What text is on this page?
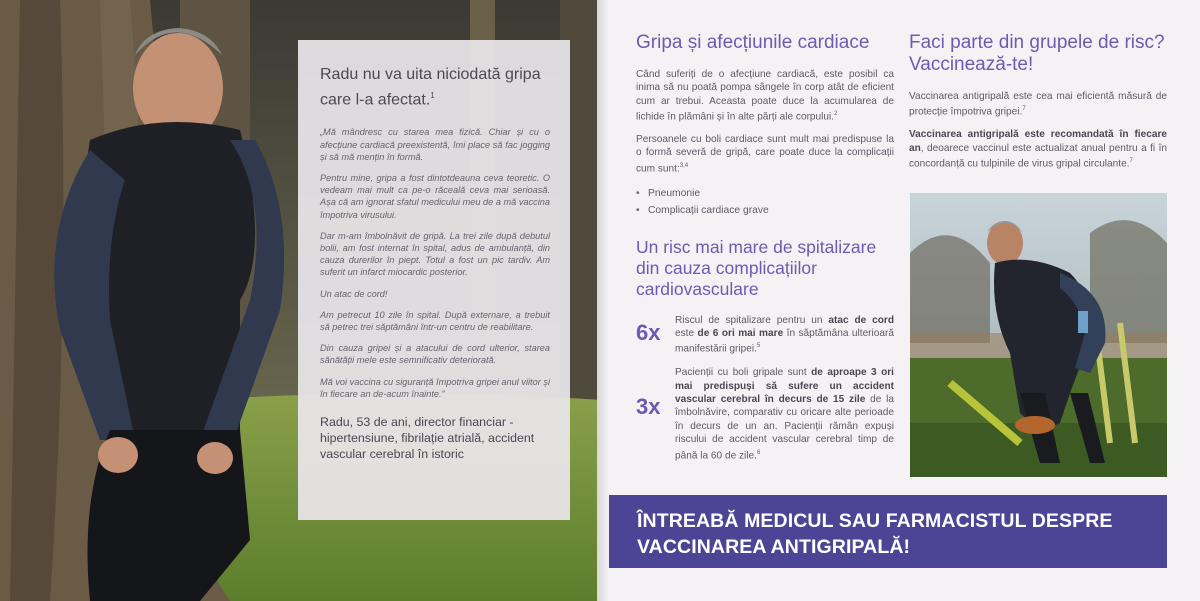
Radu nu va uita niciodată gripa care l-a afectat.$^1$

„Mă mândresc cu starea mea fizică. Chiar și cu o afecțiune cardiacă preexistentă, îmi place să fac jogging și să mă mențin în formă.

Pentru mine, gripa a fost dintotdeauna ceva teoretic. O vedeam mai mult ca pe-o răceală ceva mai serioasă. Așa că am ignorat sfatul medicului meu de a mă vaccina împotriva virusului.

Dar m-am îmbolnăvit de gripă. La trei zile după debutul bolii, am fost internat în spital, adus de ambulanță, din cauza durerilor în piept. Totul a fost un pic tardiv. Am suferit un infarct miocardic posterior.

Un atac de cord!

Am petrecut 10 zile în spital. După externare, a trebuit să petrec trei săptămâni într-un centru de reabilitare.

Din cauza gripei și a atacului de cord ulterior, starea sănătății mele este semnificativ deteriorată.

Mă voi vaccina cu siguranță împotriva gripei anul viitor și în fiecare an de-acum înainte.”

Radu, 53 de ani, director financiar - hipertensiune, fibrilație atrială, accident vascular cerebral în istoric
Gripa și afecțiunile cardiace

Când suferiți de o afecțiune cardiacă, este posibil ca inima să nu poată pompa sângele în corp atât de eficient cum ar trebui. Aceasta poate duce la acumularea de lichide în plămâni și în alte părți ale corpului.$^2$

Persoanele cu boli cardiace sunt mult mai predispuse la o formă severă de gripă, care poate duce la complicații cum sunt:$^{3,4}$

• Pneumonie
• Complicații cardiace grave
Un risc mai mare de spitalizare din cauza complicațiilor cardiovasculare
6x Riscul de spitalizare pentru un atac de cord este de 6 ori mai mare în săptămâna ulterioară manifestării gripei.$^5$
3x
Pacienții cu boli gripale sunt de aproape 3 ori mai predispuși să sufere un accident vascular cerebral în decurs de 15 zile de la îmbolnăvire, comparativ cu oricare alte perioade în decurs de un an. Pacienții rămân expuși riscului de accident vascular cerebral timp de până la 60 de zile.$^6$
Faci parte din grupele de risc? Vaccinează-te!

Vaccinarea antigripală este cea mai eficientă măsură de protecție împotriva gripei.$^7$

Vaccinarea antigripală este recomandată în fiecare an, deoarece vaccinul este actualizat anual pentru a fi în concordanță cu tulpinile de virus gripal circulante.$^7$

ÎNTREABĂ MEDICUL SAU FARMACISTUL DESPRE
VACCINAREA ANTIGRIPALĂ!
